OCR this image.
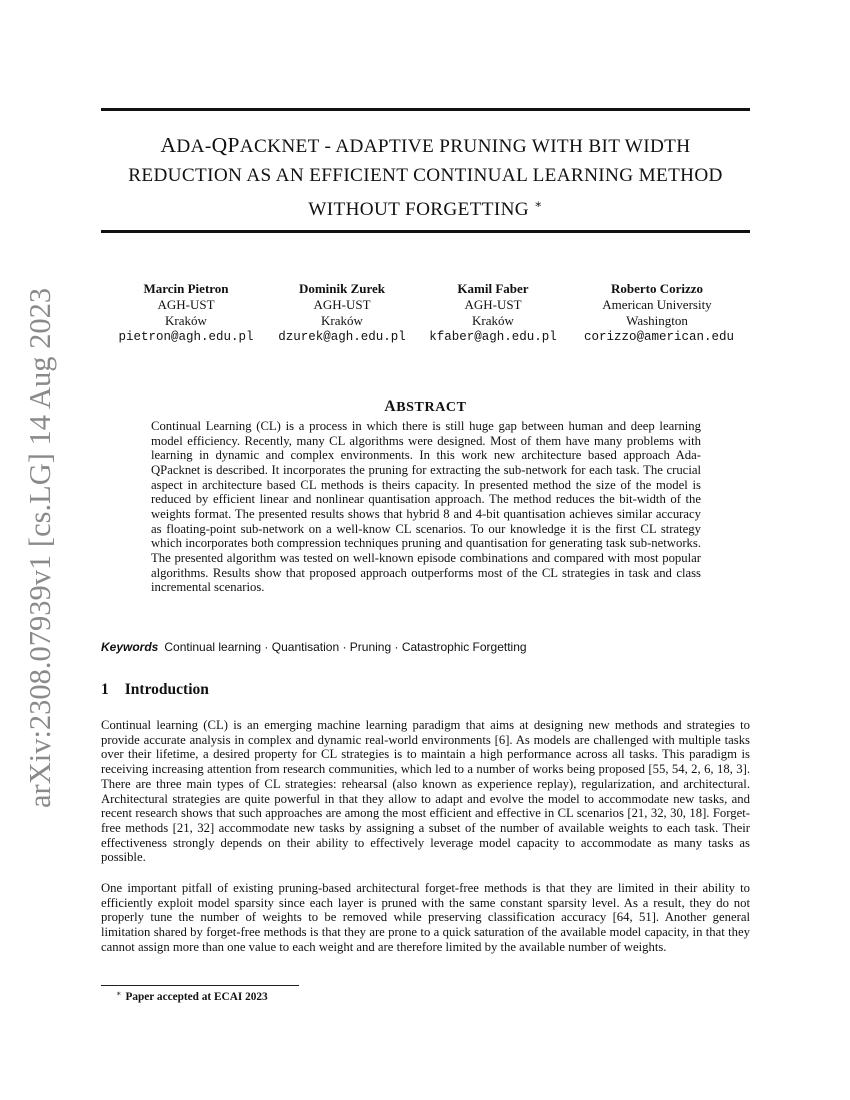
arXiv:2308.07939v1 [cs.LG] 14 Aug 2023
ADA-QPACKNET - ADAPTIVE PRUNING WITH BIT WIDTH
REDUCTION AS AN EFFICIENT CONTINUAL LEARNING METHOD
WITHOUT FORGETTING ∗
Marcin Pietron
AGH-UST
Kraków
pietron@agh.edu.pl
Dominik Zurek
AGH-UST
Kraków
dzurek@agh.edu.pl
Kamil Faber
AGH-UST
Kraków
kfaber@agh.edu.pl
Roberto Corizzo
American University
Washington
corizzo@american.edu
ABSTRACT

Continual Learning (CL) is a process in which there is still huge gap between human and deep learning model efficiency. Recently, many CL algorithms were designed. Most of them have many problems with learning in dynamic and complex environments. In this work new architecture based approach Ada-QPacknet is described. It incorporates the pruning for extracting the sub-network for each task. The crucial aspect in architecture based CL methods is theirs capacity. In presented method the size of the model is reduced by efficient linear and nonlinear quantisation approach. The method reduces the bit-width of the weights format. The presented results shows that hybrid 8 and 4-bit quantisation achieves similar accuracy as floating-point sub-network on a well-know CL scenarios. To our knowledge it is the first CL strategy which incorporates both compression techniques pruning and quantisation for generating task sub-networks. The presented algorithm was tested on well-known episode combinations and compared with most popular algorithms. Results show that proposed approach outperforms most of the CL strategies in task and class incremental scenarios.

Keywords Continual learning · Quantisation · Pruning · Catastrophic Forgetting

1 Introduction

Continual learning (CL) is an emerging machine learning paradigm that aims at designing new methods and strategies to provide accurate analysis in complex and dynamic real-world environments [6]. As models are challenged with multiple tasks over their lifetime, a desired property for CL strategies is to maintain a high performance across all tasks. This paradigm is receiving increasing attention from research communities, which led to a number of works being proposed [55, 54, 2, 6, 18, 3]. There are three main types of CL strategies: rehearsal (also known as experience replay), regularization, and architectural. Architectural strategies are quite powerful in that they allow to adapt and evolve the model to accommodate new tasks, and recent research shows that such approaches are among the most efficient and effective in CL scenarios [21, 32, 30, 18]. Forget-free methods [21, 32] accommodate new tasks by assigning a subset of the number of available weights to each task. Their effectiveness strongly depends on their ability to effectively leverage model capacity to accommodate as many tasks as possible.

One important pitfall of existing pruning-based architectural forget-free methods is that they are limited in their ability to efficiently exploit model sparsity since each layer is pruned with the same constant sparsity level. As a result, they do not properly tune the number of weights to be removed while preserving classification accuracy [64, 51]. Another general limitation shared by forget-free methods is that they are prone to a quick saturation of the available model capacity, in that they cannot assign more than one value to each weight and are therefore limited by the available number of weights.

∗ Paper accepted at ECAI 2023
